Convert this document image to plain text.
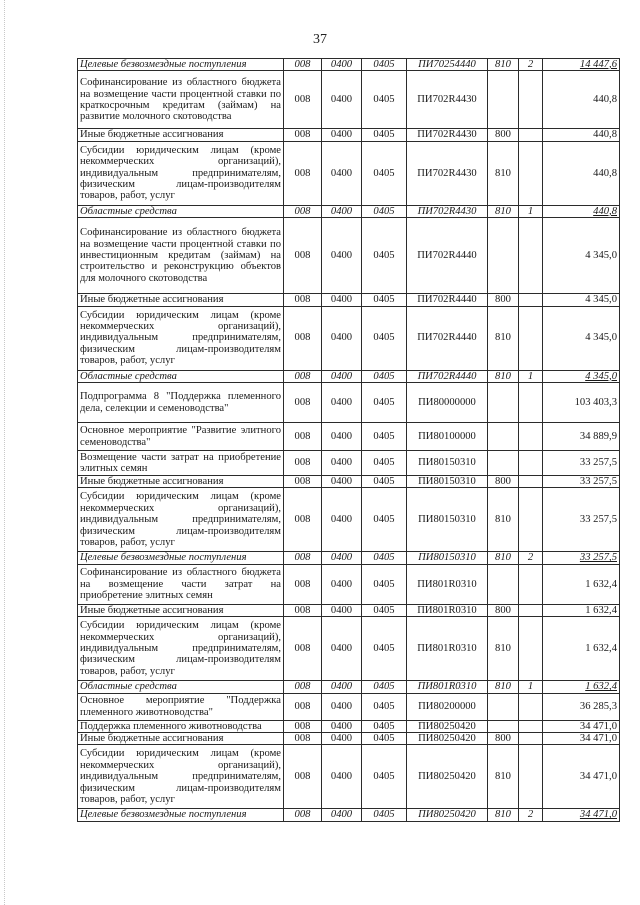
37
Целевые безвозмездные поступления	008	0400	0405	ПИ70254440	810	2	14 447,6
Софинансирование из областного бюджета на возмещение части процентной ставки по краткосрочным кредитам (займам) на развитие молочного скотоводства	008	0400	0405	ПИ702R4430			440,8
Иные бюджетные ассигнования	008	0400	0405	ПИ702R4430	800		440,8
Субсидии юридическим лицам (кроме некоммерческих организаций), индивидуальным предпринимателям, физическим лицам-производителям товаров, работ, услуг	008	0400	0405	ПИ702R4430	810		440,8
Областные средства	008	0400	0405	ПИ702R4430	810	1	440,8
Софинансирование из областного бюджета на возмещение части процентной ставки по инвестиционным кредитам (займам) на строительство и реконструкцию объектов для молочного скотоводства	008	0400	0405	ПИ702R4440			4 345,0
Иные бюджетные ассигнования	008	0400	0405	ПИ702R4440	800		4 345,0
Субсидии юридическим лицам (кроме некоммерческих организаций), индивидуальным предпринимателям, физическим лицам-производителям товаров, работ, услуг	008	0400	0405	ПИ702R4440	810		4 345,0
Областные средства	008	0400	0405	ПИ702R4440	810	1	4 345,0
Подпрограмма 8 "Поддержка племенного дела, селекции и семеноводства"	008	0400	0405	ПИ80000000			103 403,3
Основное мероприятие "Развитие элитного семеноводства"	008	0400	0405	ПИ80100000			34 889,9
Возмещение части затрат на приобретение элитных семян	008	0400	0405	ПИ80150310			33 257,5
Иные бюджетные ассигнования	008	0400	0405	ПИ80150310	800		33 257,5
Субсидии юридическим лицам (кроме некоммерческих организаций), индивидуальным предпринимателям, физическим лицам-производителям товаров, работ, услуг	008	0400	0405	ПИ80150310	810		33 257,5
Целевые безвозмездные поступления	008	0400	0405	ПИ80150310	810	2	33 257,5
Софинансирование из областного бюджета на возмещение части затрат на приобретение элитных семян	008	0400	0405	ПИ801R0310			1 632,4
Иные бюджетные ассигнования	008	0400	0405	ПИ801R0310	800		1 632,4
Субсидии юридическим лицам (кроме некоммерческих организаций), индивидуальным предпринимателям, физическим лицам-производителям товаров, работ, услуг	008	0400	0405	ПИ801R0310	810		1 632,4
Областные средства	008	0400	0405	ПИ801R0310	810	1	1 632,4
Основное мероприятие "Поддержка племенного животноводства"	008	0400	0405	ПИ80200000			36 285,3
Поддержка племенного животноводства	008	0400	0405	ПИ80250420			34 471,0
Иные бюджетные ассигнования	008	0400	0405	ПИ80250420	800		34 471,0
Субсидии юридическим лицам (кроме некоммерческих организаций), индивидуальным предпринимателям, физическим лицам-производителям товаров, работ, услуг	008	0400	0405	ПИ80250420	810		34 471,0
Целевые безвозмездные поступления	008	0400	0405	ПИ80250420	810	2	34 471,0
